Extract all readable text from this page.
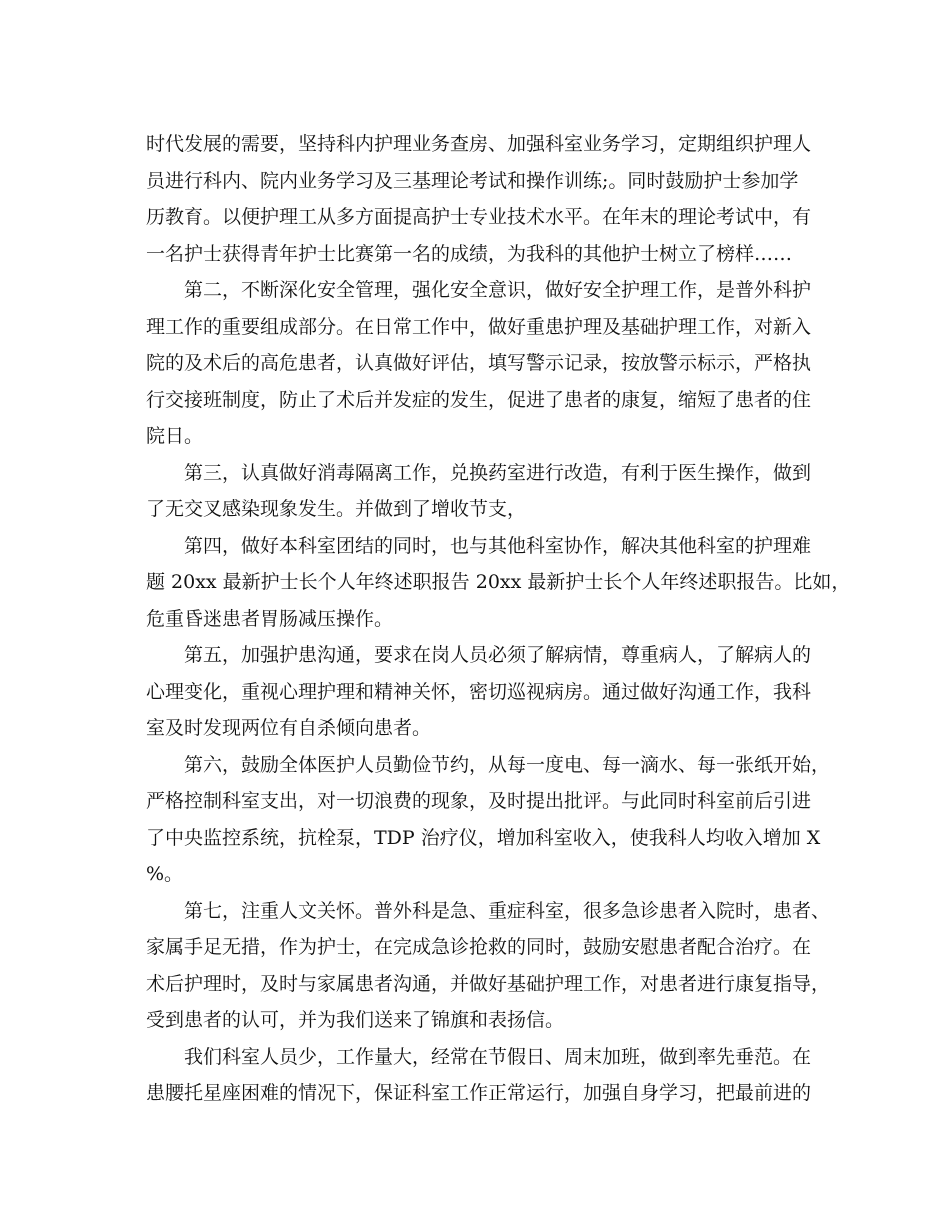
时代发展的需要，坚持科内护理业务查房、加强科室业务学习，定期组织护理人
员进行科内、院内业务学习及三基理论考试和操作训练;。同时鼓励护士参加学
历教育。以便护理工从多方面提高护士专业技术水平。在年末的理论考试中，有
一名护士获得青年护士比赛第一名的成绩，为我科的其他护士树立了榜样……
第二，不断深化安全管理，强化安全意识，做好安全护理工作，是普外科护
理工作的重要组成部分。在日常工作中，做好重患护理及基础护理工作，对新入
院的及术后的高危患者，认真做好评估，填写警示记录，按放警示标示，严格执
行交接班制度，防止了术后并发症的发生，促进了患者的康复，缩短了患者的住
院日。
第三，认真做好消毒隔离工作，兑换药室进行改造，有利于医生操作，做到
了无交叉感染现象发生。并做到了增收节支，
第四，做好本科室团结的同时，也与其他科室协作，解决其他科室的护理难
题 20xx 最新护士长个人年终述职报告 20xx 最新护士长个人年终述职报告。比如，
危重昏迷患者胃肠减压操作。
第五，加强护患沟通，要求在岗人员必须了解病情，尊重病人，了解病人的
心理变化，重视心理护理和精神关怀，密切巡视病房。通过做好沟通工作，我科
室及时发现两位有自杀倾向患者。
第六，鼓励全体医护人员勤俭节约，从每一度电、每一滴水、每一张纸开始，
严格控制科室支出，对一切浪费的现象，及时提出批评。与此同时科室前后引进
了中央监控系统，抗栓泵，TDP 治疗仪，增加科室收入，使我科人均收入增加 X
%。
第七，注重人文关怀。普外科是急、重症科室，很多急诊患者入院时，患者、
家属手足无措，作为护士，在完成急诊抢救的同时，鼓励安慰患者配合治疗。在
术后护理时，及时与家属患者沟通，并做好基础护理工作，对患者进行康复指导，
受到患者的认可，并为我们送来了锦旗和表扬信。
我们科室人员少，工作量大，经常在节假日、周末加班，做到率先垂范。在
患腰托星座困难的情况下，保证科室工作正常运行，加强自身学习，把最前进的
